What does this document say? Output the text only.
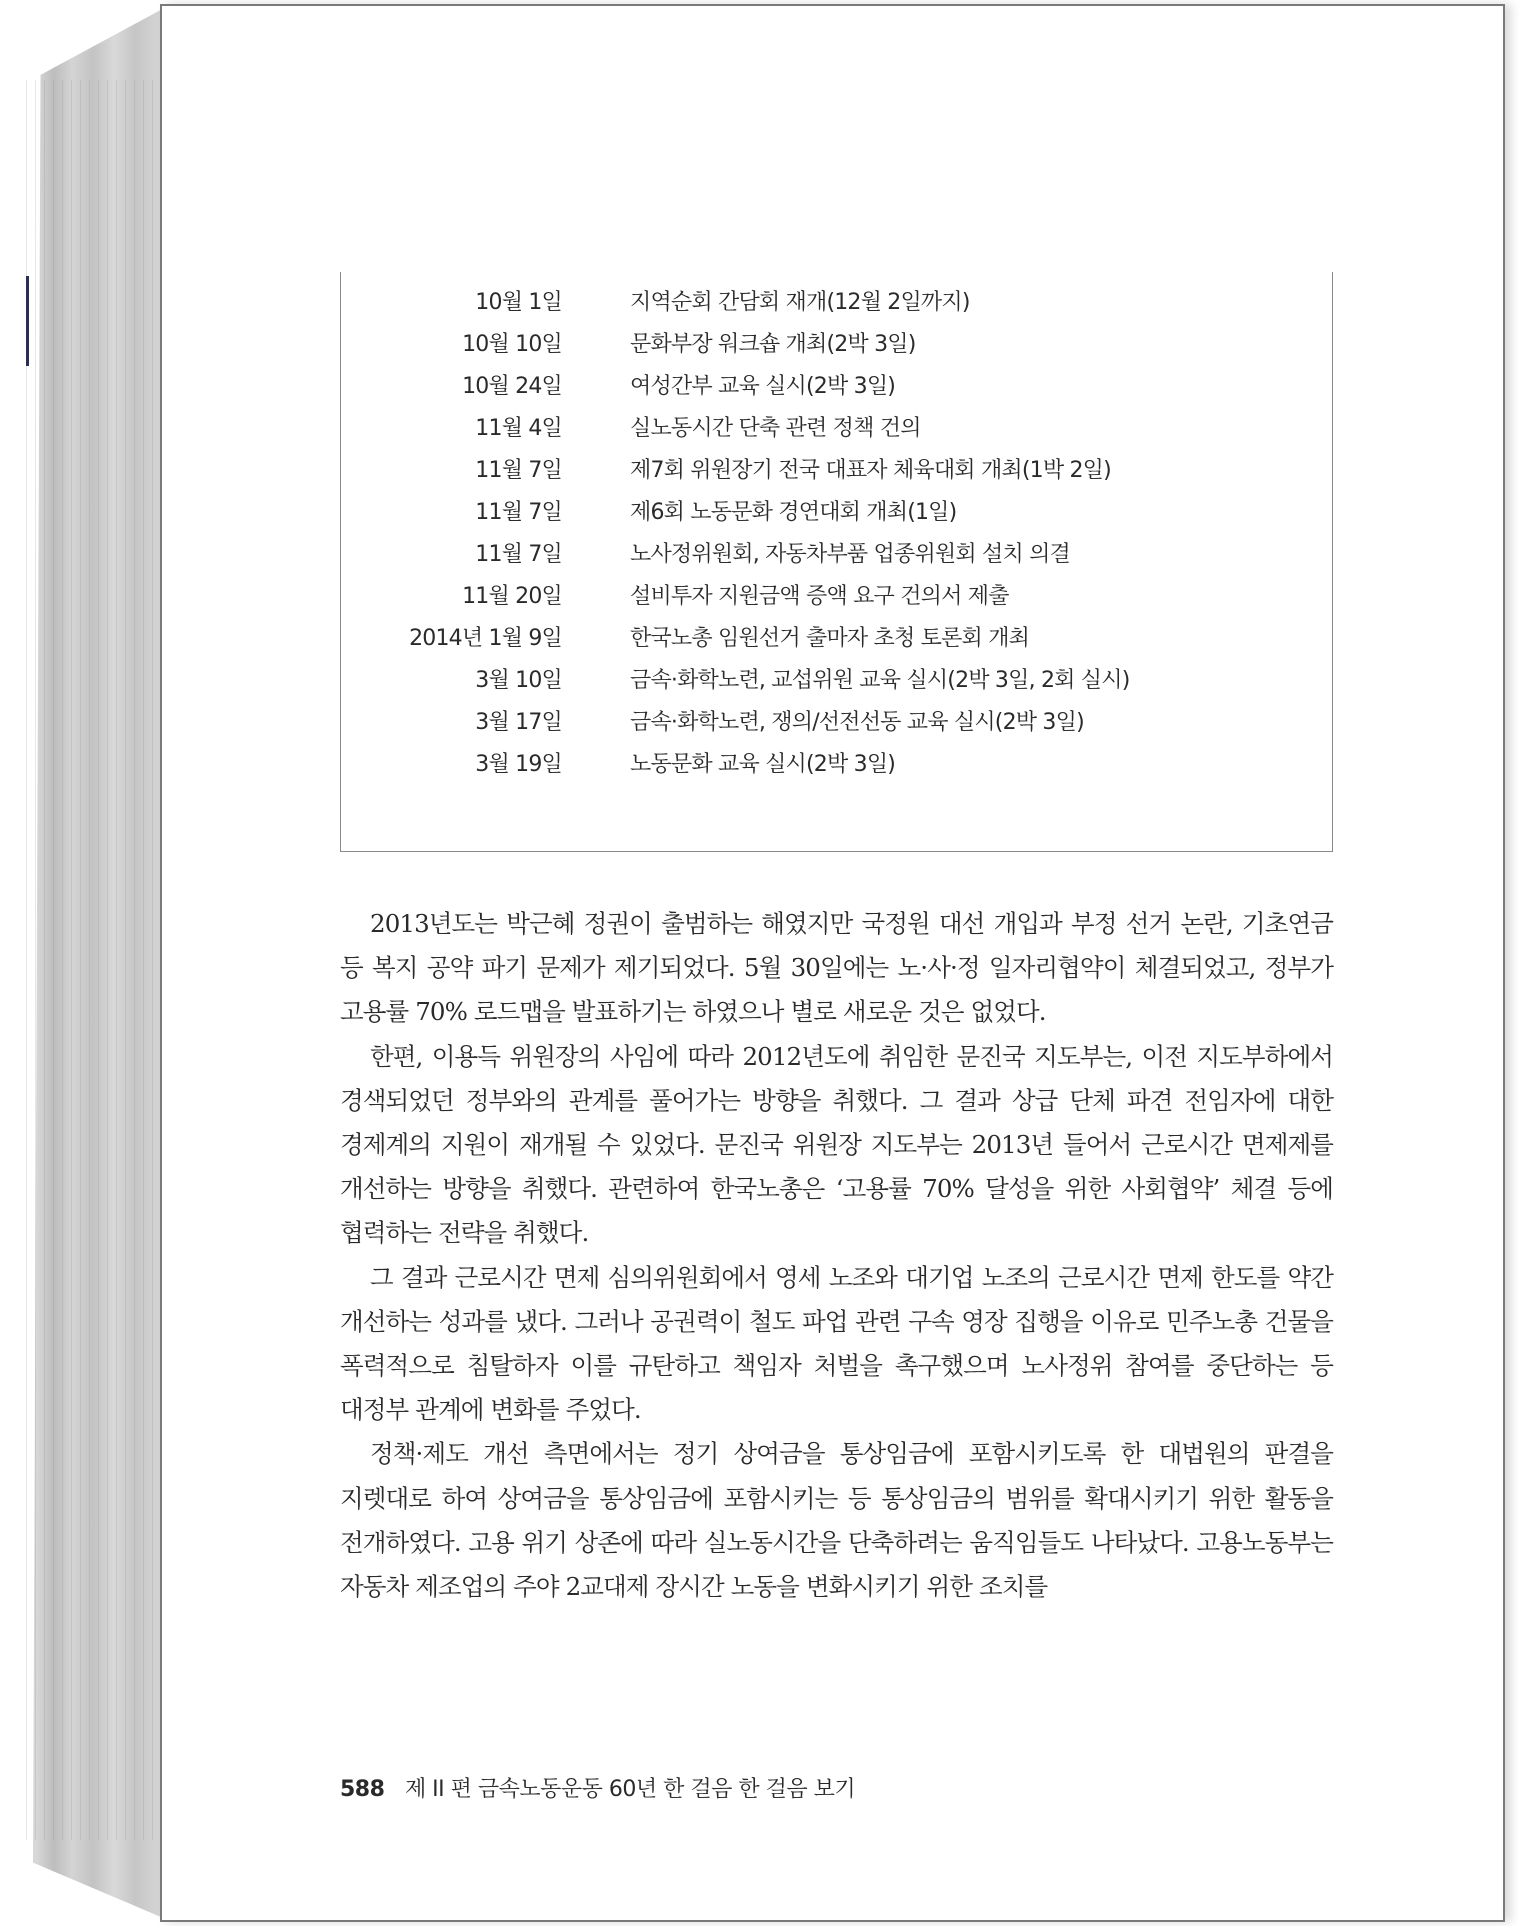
10월 1일	지역순회 간담회 재개(12월 2일까지)
10월 10일	문화부장 워크숍 개최(2박 3일)
10월 24일	여성간부 교육 실시(2박 3일)
11월 4일	실노동시간 단축 관련 정책 건의
11월 7일	제7회 위원장기 전국 대표자 체육대회 개최(1박 2일)
11월 7일	제6회 노동문화 경연대회 개최(1일)
11월 7일	노사정위원회, 자동차부품 업종위원회 설치 의결
11월 20일	설비투자 지원금액 증액 요구 건의서 제출
2014년 1월 9일	한국노총 임원선거 출마자 초청 토론회 개최
3월 10일	금속·화학노련, 교섭위원 교육 실시(2박 3일, 2회 실시)
3월 17일	금속·화학노련, 쟁의/선전선동 교육 실시(2박 3일)
3월 19일	노동문화 교육 실시(2박 3일)

2013년도는 박근혜 정권이 출범하는 해였지만 국정원 대선 개입과 부정 선거 논란, 기초연금 등 복지 공약 파기 문제가 제기되었다. 5월 30일에는 노·사·정 일자리협약이 체결되었고, 정부가 고용률 70% 로드맵을 발표하기는 하였으나 별로 새로운 것은 없었다.

한편, 이용득 위원장의 사임에 따라 2012년도에 취임한 문진국 지도부는, 이전 지도부하에서 경색되었던 정부와의 관계를 풀어가는 방향을 취했다. 그 결과 상급 단체 파견 전임자에 대한 경제계의 지원이 재개될 수 있었다. 문진국 위원장 지도부는 2013년 들어서 근로시간 면제제를 개선하는 방향을 취했다. 관련하여 한국노총은 ‘고용률 70% 달성을 위한 사회협약’ 체결 등에 협력하는 전략을 취했다.

그 결과 근로시간 면제 심의위원회에서 영세 노조와 대기업 노조의 근로시간 면제 한도를 약간 개선하는 성과를 냈다. 그러나 공권력이 철도 파업 관련 구속 영장 집행을 이유로 민주노총 건물을 폭력적으로 침탈하자 이를 규탄하고 책임자 처벌을 촉구했으며 노사정위 참여를 중단하는 등 대정부 관계에 변화를 주었다.

정책·제도 개선 측면에서는 정기 상여금을 통상임금에 포함시키도록 한 대법원의 판결을 지렛대로 하여 상여금을 통상임금에 포함시키는 등 통상임금의 범위를 확대시키기 위한 활동을 전개하였다. 고용 위기 상존에 따라 실노동시간을 단축하려는 움직임들도 나타났다. 고용노동부는 자동차 제조업의 주야 2교대제 장시간 노동을 변화시키기 위한 조치를

588 제 II 편 금속노동운동 60년 한 걸음 한 걸음 보기
